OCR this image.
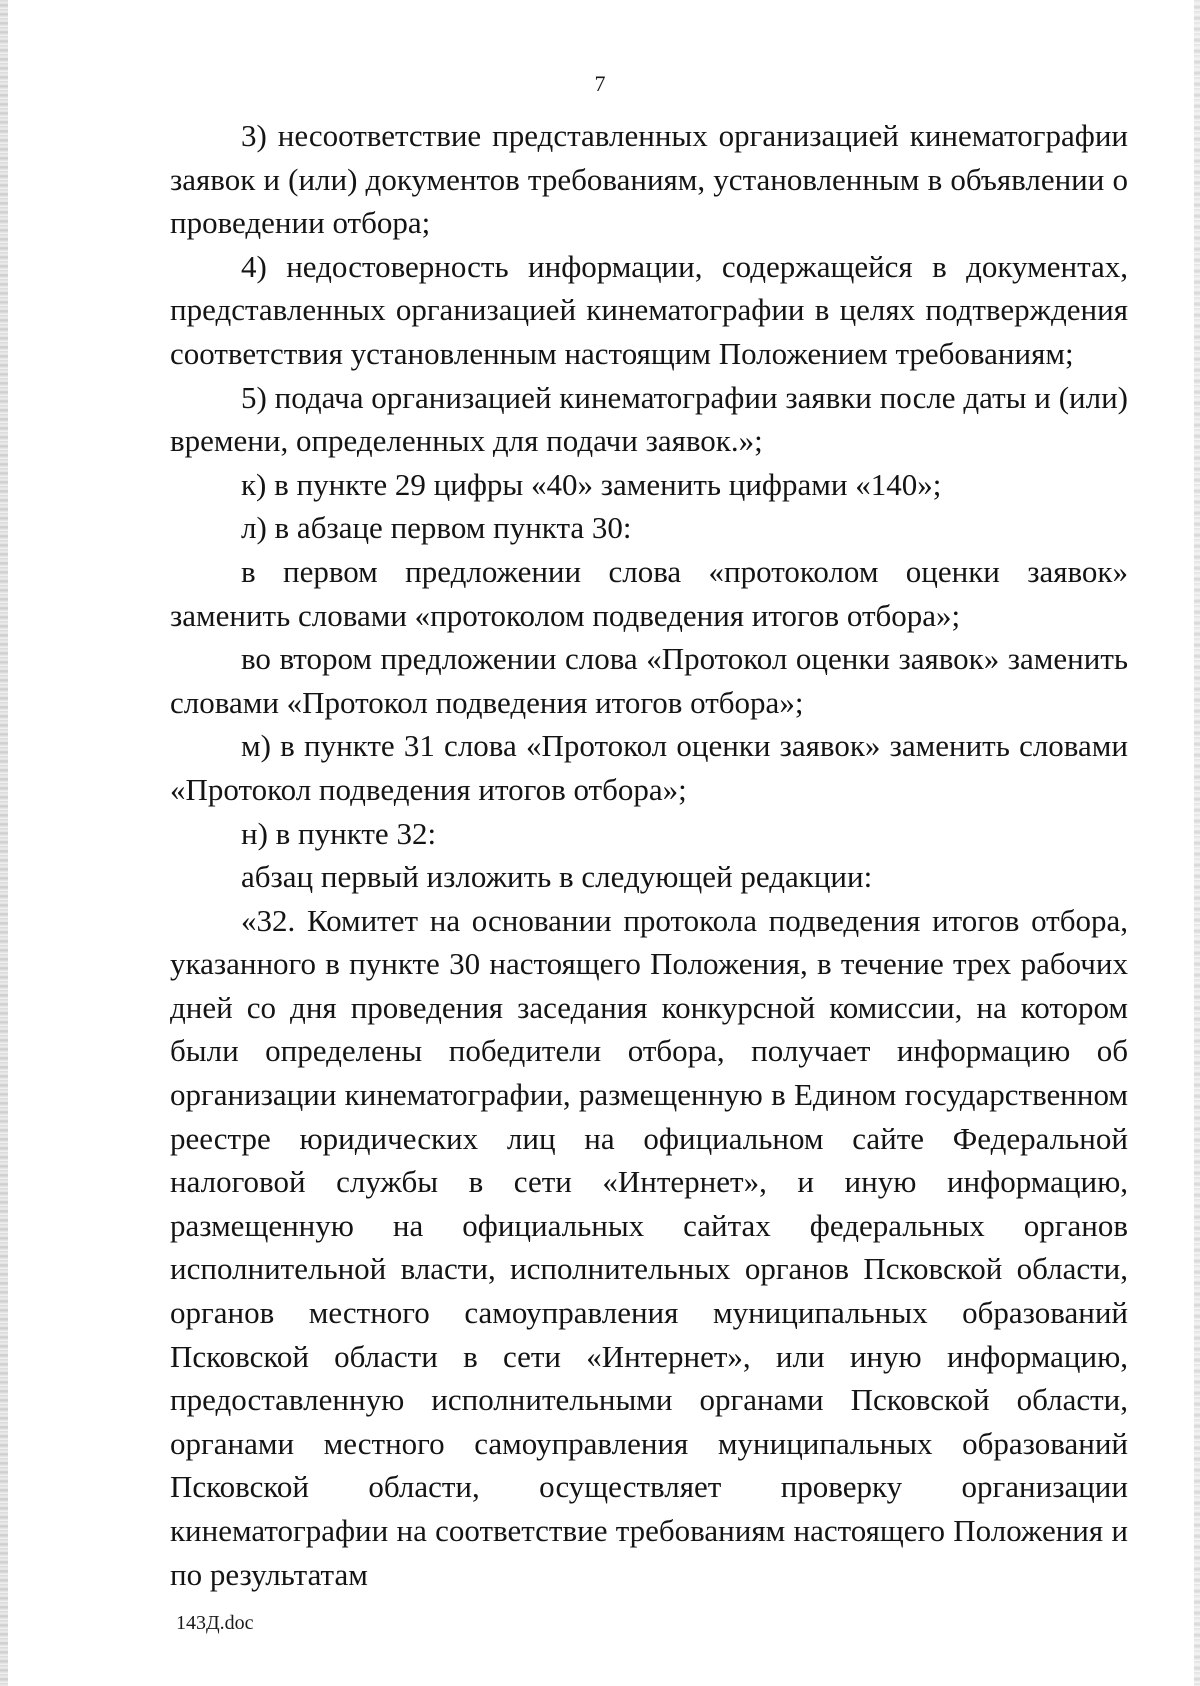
7

3) несоответствие представленных организацией кинематографии заявок и (или) документов требованиям, установленным в объявлении о проведении отбора;

4) недостоверность информации, содержащейся в документах, представленных организацией кинематографии в целях подтверждения соответствия установленным настоящим Положением требованиям;

5) подача организацией кинематографии заявки после даты и (или) времени, определенных для подачи заявок.»;

к) в пункте 29 цифры «40» заменить цифрами «140»;

л) в абзаце первом пункта 30:

в первом предложении слова «протоколом оценки заявок» заменить словами «протоколом подведения итогов отбора»;

во втором предложении слова «Протокол оценки заявок» заменить словами «Протокол подведения итогов отбора»;

м) в пункте 31 слова «Протокол оценки заявок» заменить словами «Протокол подведения итогов отбора»;

н) в пункте 32:

абзац первый изложить в следующей редакции:

«32. Комитет на основании протокола подведения итогов отбора, указанного в пункте 30 настоящего Положения, в течение трех рабочих дней со дня проведения заседания конкурсной комиссии, на котором были определены победители отбора, получает информацию об организации кинематографии, размещенную в Едином государственном реестре юридических лиц на официальном сайте Федеральной налоговой службы в сети «Интернет», и иную информацию, размещенную на официальных сайтах федеральных органов исполнительной власти, исполнительных органов Псковской области, органов местного самоуправления муниципальных образований Псковской области в сети «Интернет», или иную информацию, предоставленную исполнительными органами Псковской области, органами местного самоуправления муниципальных образований Псковской области, осуществляет проверку организации кинематографии на соответствие требованиям настоящего Положения и по результатам

143Д.doc
